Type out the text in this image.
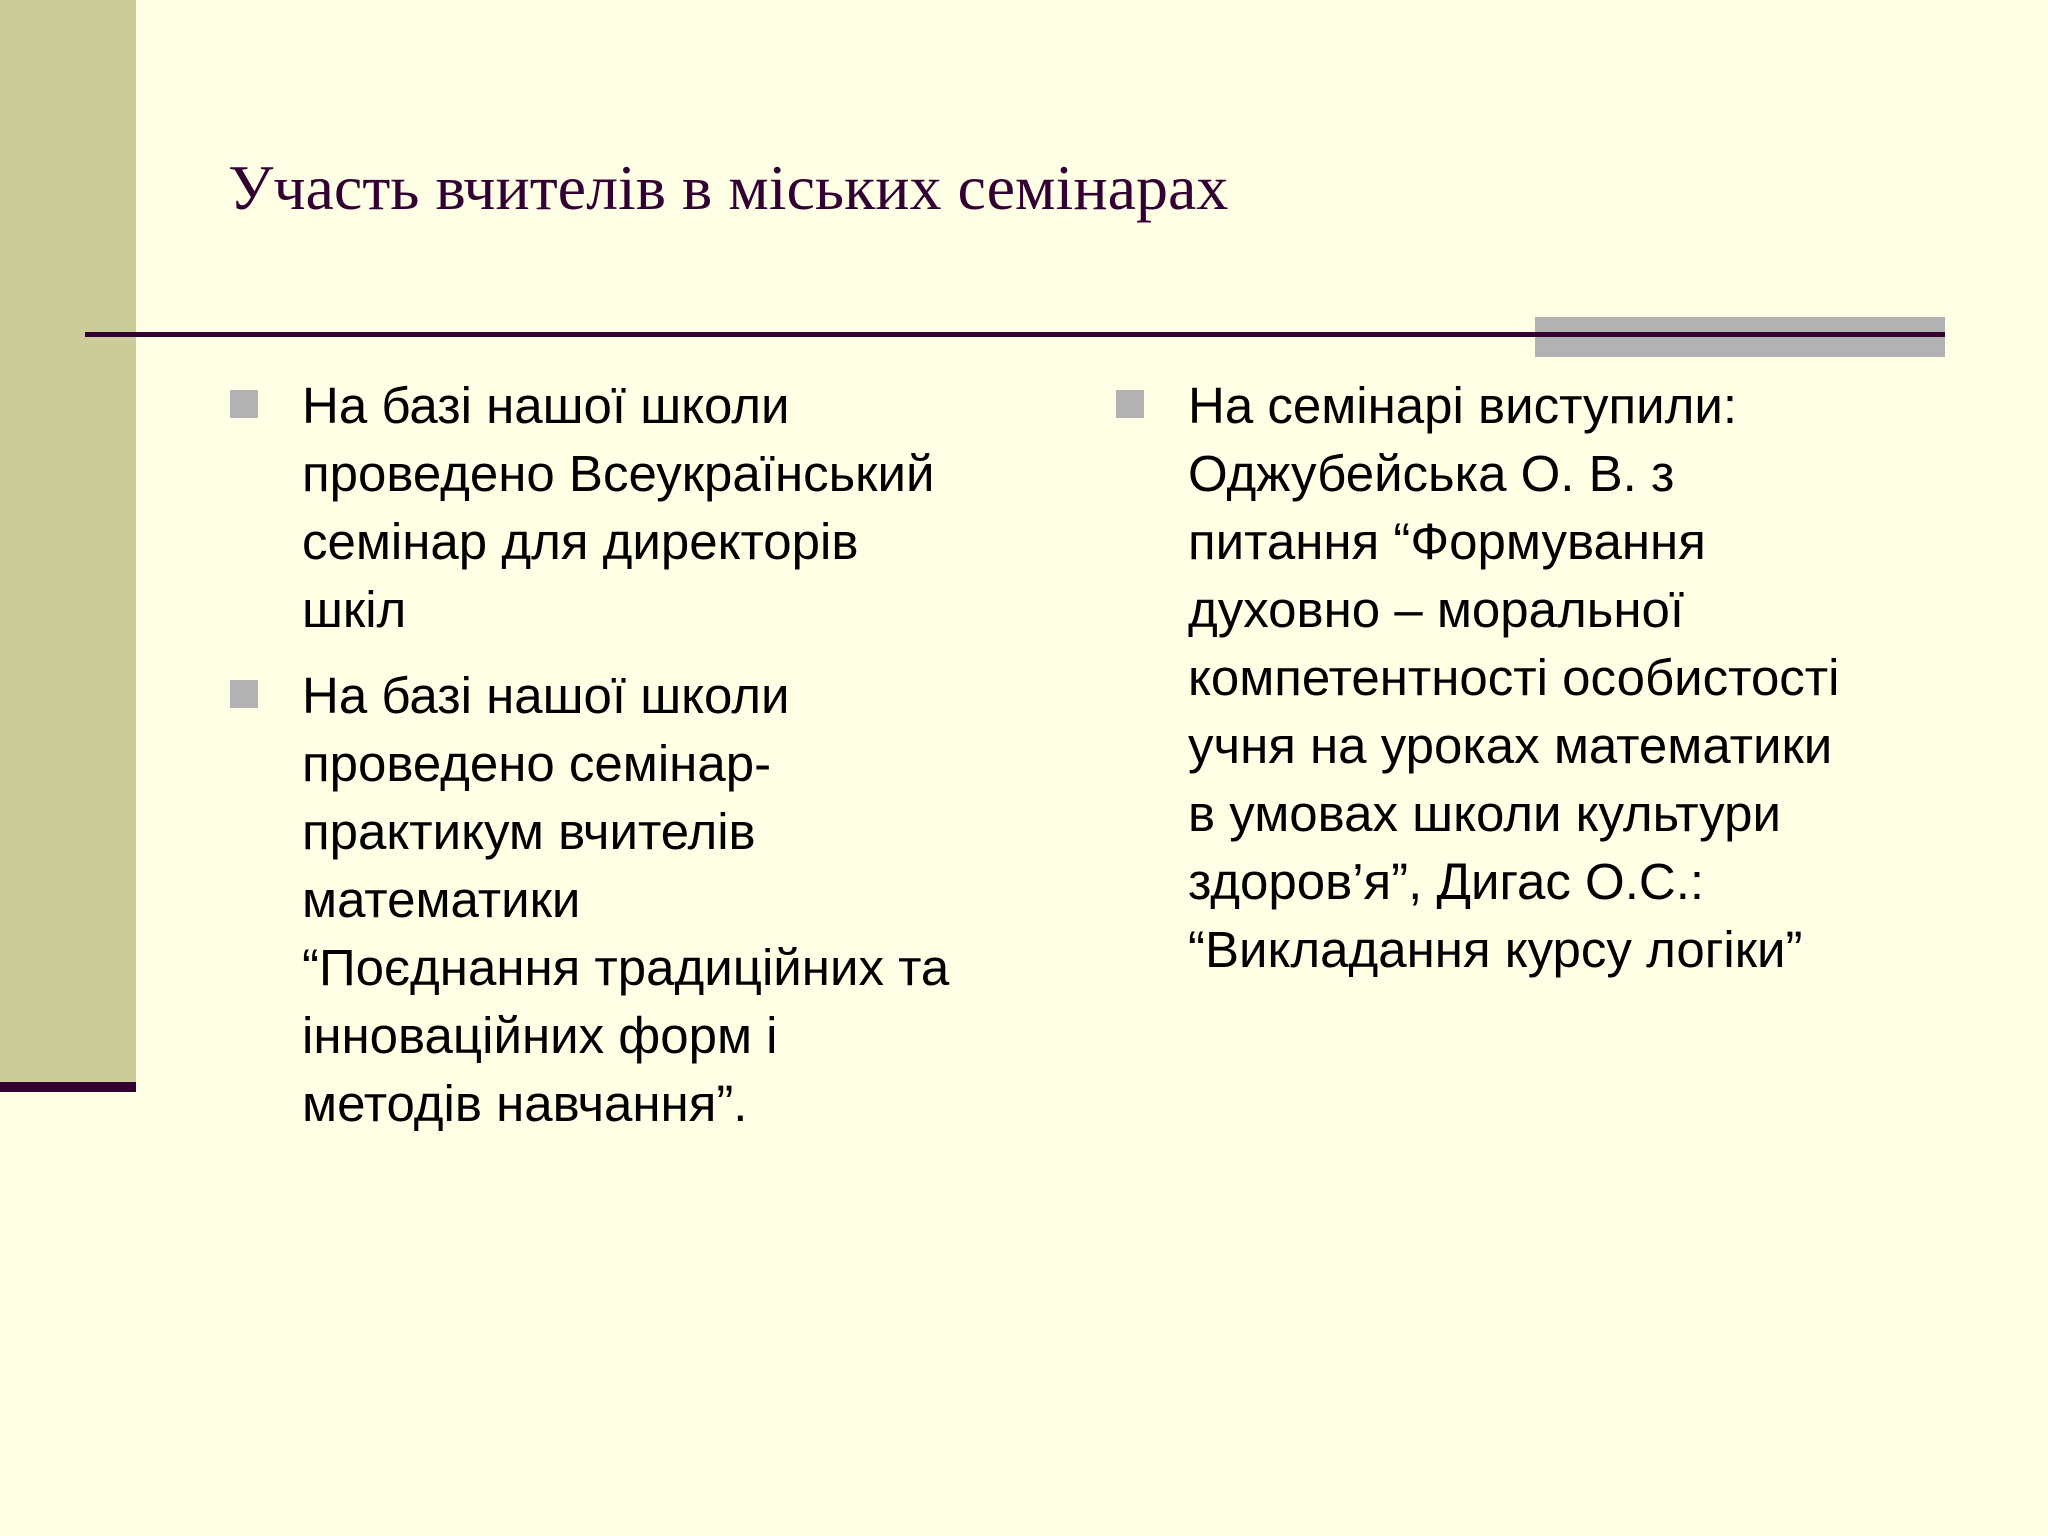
Участь вчителів в міських семінарах
На базі нашої школи
проведено Всеукраїнський
семінар для директорів
шкіл
На базі нашої школи
проведено семінар-
практикум вчителів
математики
“Поєднання традиційних та
інноваційних форм і
методів навчання”.
На семінарі виступили:
Оджубейська О. В. з
питання “Формування
духовно – моральної
компетентності особистості
учня на уроках математики
в умовах школи культури
здоров’я”, Дигас О.С.:
“Викладання курсу логіки”
